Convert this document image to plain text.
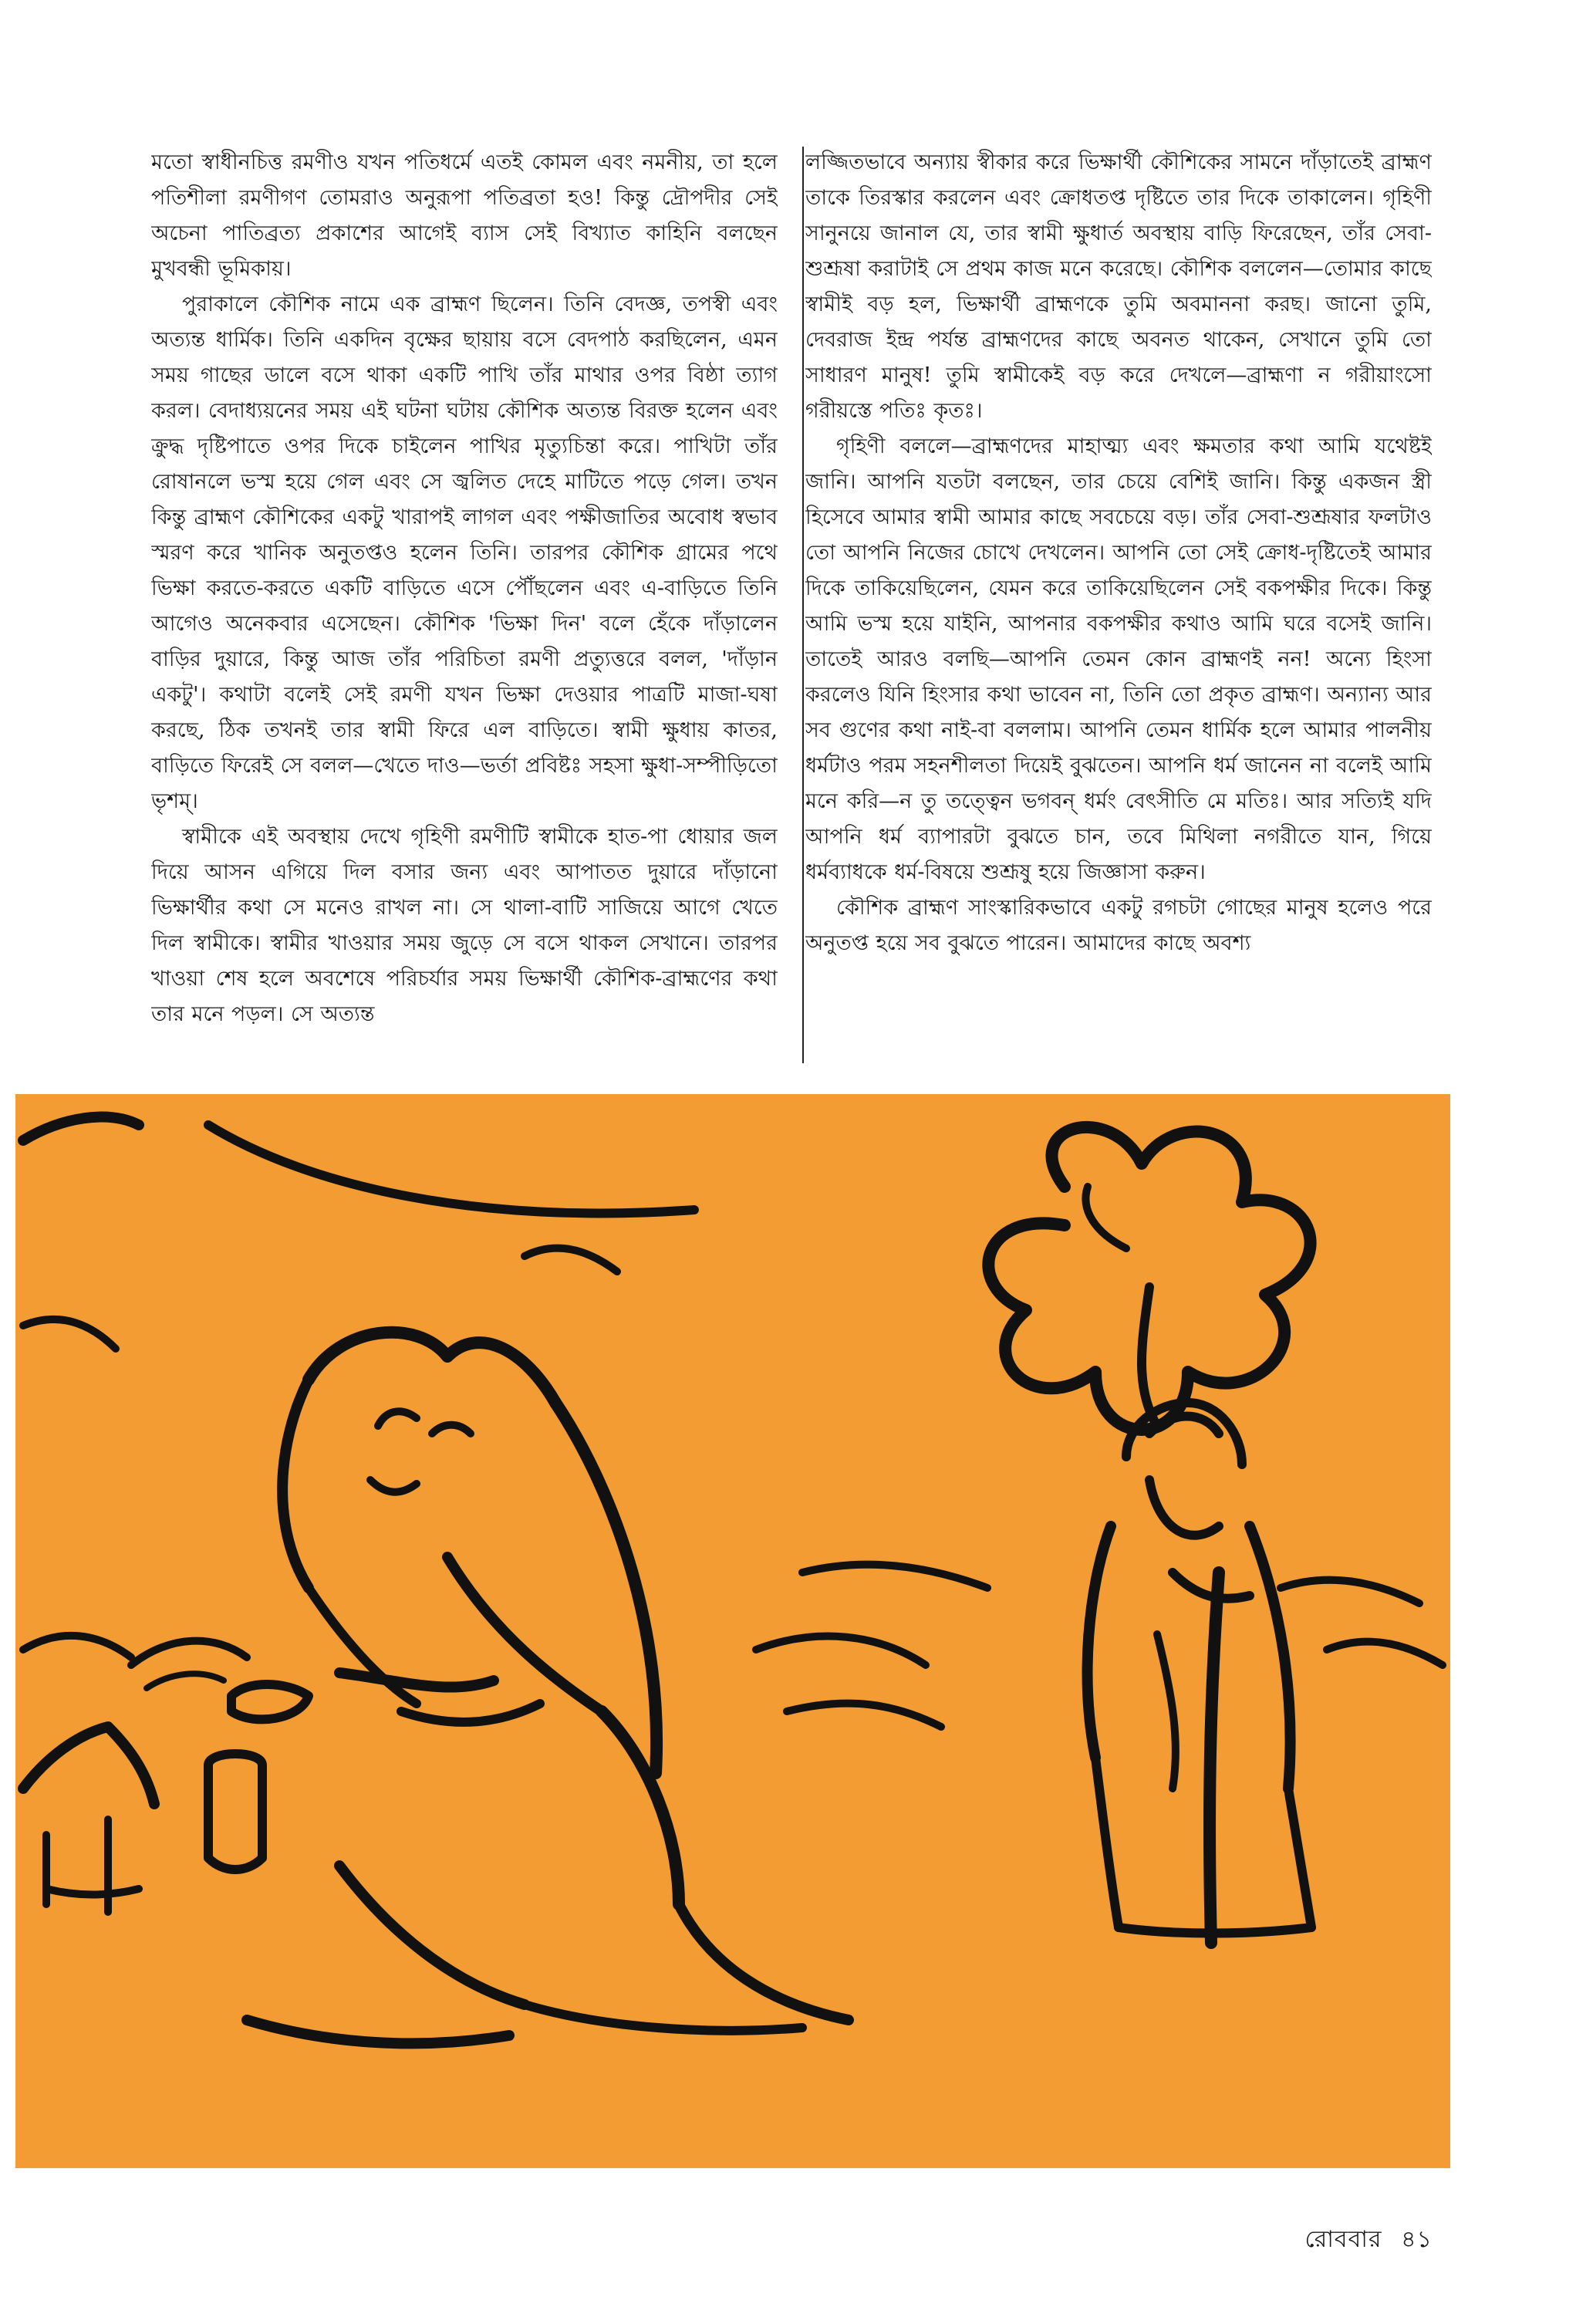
মতো স্বাধীনচিত্ত রমণীও যখন পতিধর্মে এতই কোমল এবং নমনীয়, তা হলে পতিশীলা রমণীগণ তোমরাও অনুরূপা পতিব্রতা হও! কিন্তু দ্রৌপদীর সেই অচেনা পাতিব্রত্য প্রকাশের আগেই ব্যাস সেই বিখ্যাত কাহিনি বলছেন মুখবন্ধী ভূমিকায়।

পুরাকালে কৌশিক নামে এক ব্রাহ্মণ ছিলেন। তিনি বেদজ্ঞ, তপস্বী এবং অত্যন্ত ধার্মিক। তিনি একদিন বৃক্ষের ছায়ায় বসে বেদপাঠ করছিলেন, এমন সময় গাছের ডালে বসে থাকা একটি পাখি তাঁর মাথার ওপর বিষ্ঠা ত্যাগ করল। বেদাধ্যয়নের সময় এই ঘটনা ঘটায় কৌশিক অত্যন্ত বিরক্ত হলেন এবং ক্রুদ্ধ দৃষ্টিপাতে ওপর দিকে চাইলেন পাখির মৃত্যুচিন্তা করে। পাখিটা তাঁর রোষানলে ভস্ম হয়ে গেল এবং সে জ্বলিত দেহে মাটিতে পড়ে গেল। তখন কিন্তু ব্রাহ্মণ কৌশিকের একটু খারাপই লাগল এবং পক্ষীজাতির অবোধ স্বভাব স্মরণ করে খানিক অনুতপ্তও হলেন তিনি। তারপর কৌশিক গ্রামের পথে ভিক্ষা করতে-করতে একটি বাড়িতে এসে পৌঁছলেন এবং এ-বাড়িতে তিনি আগেও অনেকবার এসেছেন। কৌশিক 'ভিক্ষা দিন' বলে হেঁকে দাঁড়ালেন বাড়ির দুয়ারে, কিন্তু আজ তাঁর পরিচিতা রমণী প্রত্যুত্তরে বলল, 'দাঁড়ান একটু'। কথাটা বলেই সেই রমণী যখন ভিক্ষা দেওয়ার পাত্রটি মাজা-ঘষা করছে, ঠিক তখনই তার স্বামী ফিরে এল বাড়িতে। স্বামী ক্ষুধায় কাতর, বাড়িতে ফিরেই সে বলল—খেতে দাও—ভর্তা প্রবিষ্টঃ সহসা ক্ষুধা-সম্পীড়িতো ভৃশম্।

স্বামীকে এই অবস্থায় দেখে গৃহিণী রমণীটি স্বামীকে হাত-পা ধোয়ার জল দিয়ে আসন এগিয়ে দিল বসার জন্য এবং আপাতত দুয়ারে দাঁড়ানো ভিক্ষার্থীর কথা সে মনেও রাখল না। সে থালা-বাটি সাজিয়ে আগে খেতে দিল স্বামীকে। স্বামীর খাওয়ার সময় জুড়ে সে বসে থাকল সেখানে। তারপর খাওয়া শেষ হলে অবশেষে পরিচর্যার সময় ভিক্ষার্থী কৌশিক-ব্রাহ্মণের কথা তার মনে পড়ল। সে অত্যন্ত

লজ্জিতভাবে অন্যায় স্বীকার করে ভিক্ষার্থী কৌশিকের সামনে দাঁড়াতেই ব্রাহ্মণ তাকে তিরস্কার করলেন এবং ক্রোধতপ্ত দৃষ্টিতে তার দিকে তাকালেন। গৃহিণী সানুনয়ে জানাল যে, তার স্বামী ক্ষুধার্ত অবস্থায় বাড়ি ফিরেছেন, তাঁর সেবা-শুশ্রূষা করাটাই সে প্রথম কাজ মনে করেছে। কৌশিক বললেন—তোমার কাছে স্বামীই বড় হল, ভিক্ষার্থী ব্রাহ্মণকে তুমি অবমাননা করছ। জানো তুমি, দেবরাজ ইন্দ্র পর্যন্ত ব্রাহ্মণদের কাছে অবনত থাকেন, সেখানে তুমি তো সাধারণ মানুষ! তুমি স্বামীকেই বড় করে দেখলে—ব্রাহ্মণা ন গরীয়াংসো গরীয়স্তে পতিঃ কৃতঃ।

গৃহিণী বললে—ব্রাহ্মণদের মাহাত্ম্য এবং ক্ষমতার কথা আমি যথেষ্টই জানি। আপনি যতটা বলছেন, তার চেয়ে বেশিই জানি। কিন্তু একজন স্ত্রী হিসেবে আমার স্বামী আমার কাছে সবচেয়ে বড়। তাঁর সেবা-শুশ্রূষার ফলটাও তো আপনি নিজের চোখে দেখলেন। আপনি তো সেই ক্রোধ-দৃষ্টিতেই আমার দিকে তাকিয়েছিলেন, যেমন করে তাকিয়েছিলেন সেই বকপক্ষীর দিকে। কিন্তু আমি ভস্ম হয়ে যাইনি, আপনার বকপক্ষীর কথাও আমি ঘরে বসেই জানি। তাতেই আরও বলছি—আপনি তেমন কোন ব্রাহ্মণই নন! অন্যে হিংসা করলেও যিনি হিংসার কথা ভাবেন না, তিনি তো প্রকৃত ব্রাহ্মণ। অন্যান্য আর সব গুণের কথা নাই-বা বললাম। আপনি তেমন ধার্মিক হলে আমার পালনীয় ধর্মটাও পরম সহনশীলতা দিয়েই বুঝতেন। আপনি ধর্ম জানেন না বলেই আমি মনে করি—ন তু তত্ত্বেন ভগবন্ ধর্মং বেৎসীতি মে মতিঃ। আর সত্যিই যদি আপনি ধর্ম ব্যাপারটা বুঝতে চান, তবে মিথিলা নগরীতে যান, গিয়ে ধর্মব্যাধকে ধর্ম-বিষয়ে শুশ্রূষু হয়ে জিজ্ঞাসা করুন।

কৌশিক ব্রাহ্মণ সাংস্কারিকভাবে একটু রগচটা গোছের মানুষ হলেও পরে অনুতপ্ত হয়ে সব বুঝতে পারেন। আমাদের কাছে অবশ্য

রোববার ৪১
